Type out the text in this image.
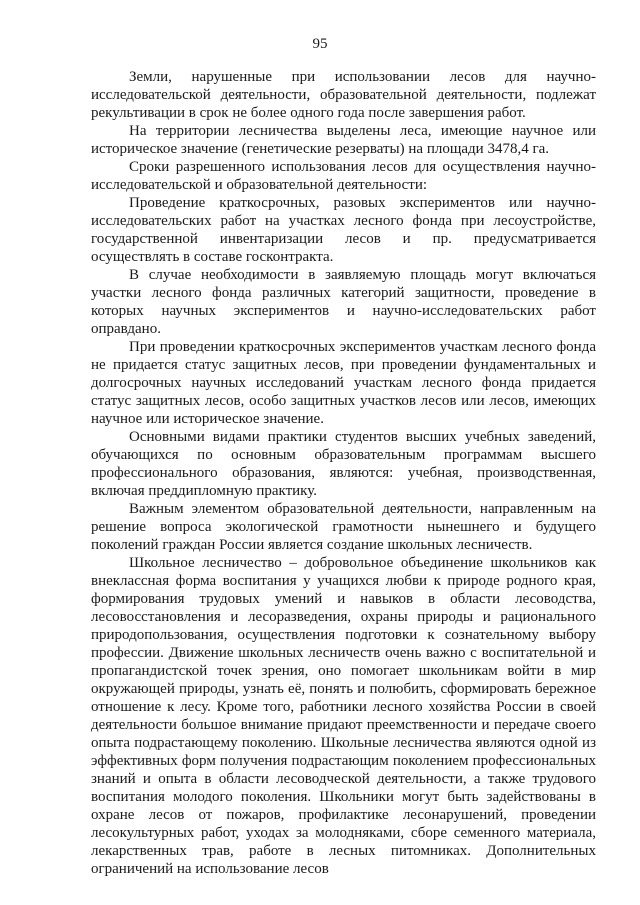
95

Земли, нарушенные при использовании лесов для научно-исследовательской деятельности, образовательной деятельности, подлежат рекультивации в срок не более одного года после завершения работ.

На территории лесничества выделены леса, имеющие научное или историческое значение (генетические резерваты) на площади 3478,4 га.

Сроки разрешенного использования лесов для осуществления научно-исследовательской и образовательной деятельности:

Проведение краткосрочных, разовых экспериментов или научно-исследовательских работ на участках лесного фонда при лесоустройстве, государственной инвентаризации лесов и пр. предусматривается осуществлять в составе госконтракта.

В случае необходимости в заявляемую площадь могут включаться участки лесного фонда различных категорий защитности, проведение в которых научных экспериментов и научно-исследовательских работ оправдано.

При проведении краткосрочных экспериментов участкам лесного фонда не придается статус защитных лесов, при проведении фундаментальных и долгосрочных научных исследований участкам лесного фонда придается статус защитных лесов, особо защитных участков лесов или лесов, имеющих научное или историческое значение.

Основными видами практики студентов высших учебных заведений, обучающихся по основным образовательным программам высшего профессионального образования, являются: учебная, производственная, включая преддипломную практику.

Важным элементом образовательной деятельности, направленным на решение вопроса экологической грамотности нынешнего и будущего поколений граждан России является создание школьных лесничеств.

Школьное лесничество – добровольное объединение школьников как внеклассная форма воспитания у учащихся любви к природе родного края, формирования трудовых умений и навыков в области лесоводства, лесовосстановления и лесоразведения, охраны природы и рационального природопользования, осуществления подготовки к сознательному выбору профессии. Движение школьных лесничеств очень важно с воспитательной и пропагандистской точек зрения, оно помогает школьникам войти в мир окружающей природы, узнать её, понять и полюбить, сформировать бережное отношение к лесу. Кроме того, работники лесного хозяйства России в своей деятельности большое внимание придают преемственности и передаче своего опыта подрастающему поколению. Школьные лесничества являются одной из эффективных форм получения подрастающим поколением профессиональных знаний и опыта в области лесоводческой деятельности, а также трудового воспитания молодого поколения. Школьники могут быть задействованы в охране лесов от пожаров, профилактике лесонарушений, проведении лесокультурных работ, уходах за молодняками, сборе семенного материала, лекарственных трав, работе в лесных питомниках. Дополнительных ограничений на использование лесов
